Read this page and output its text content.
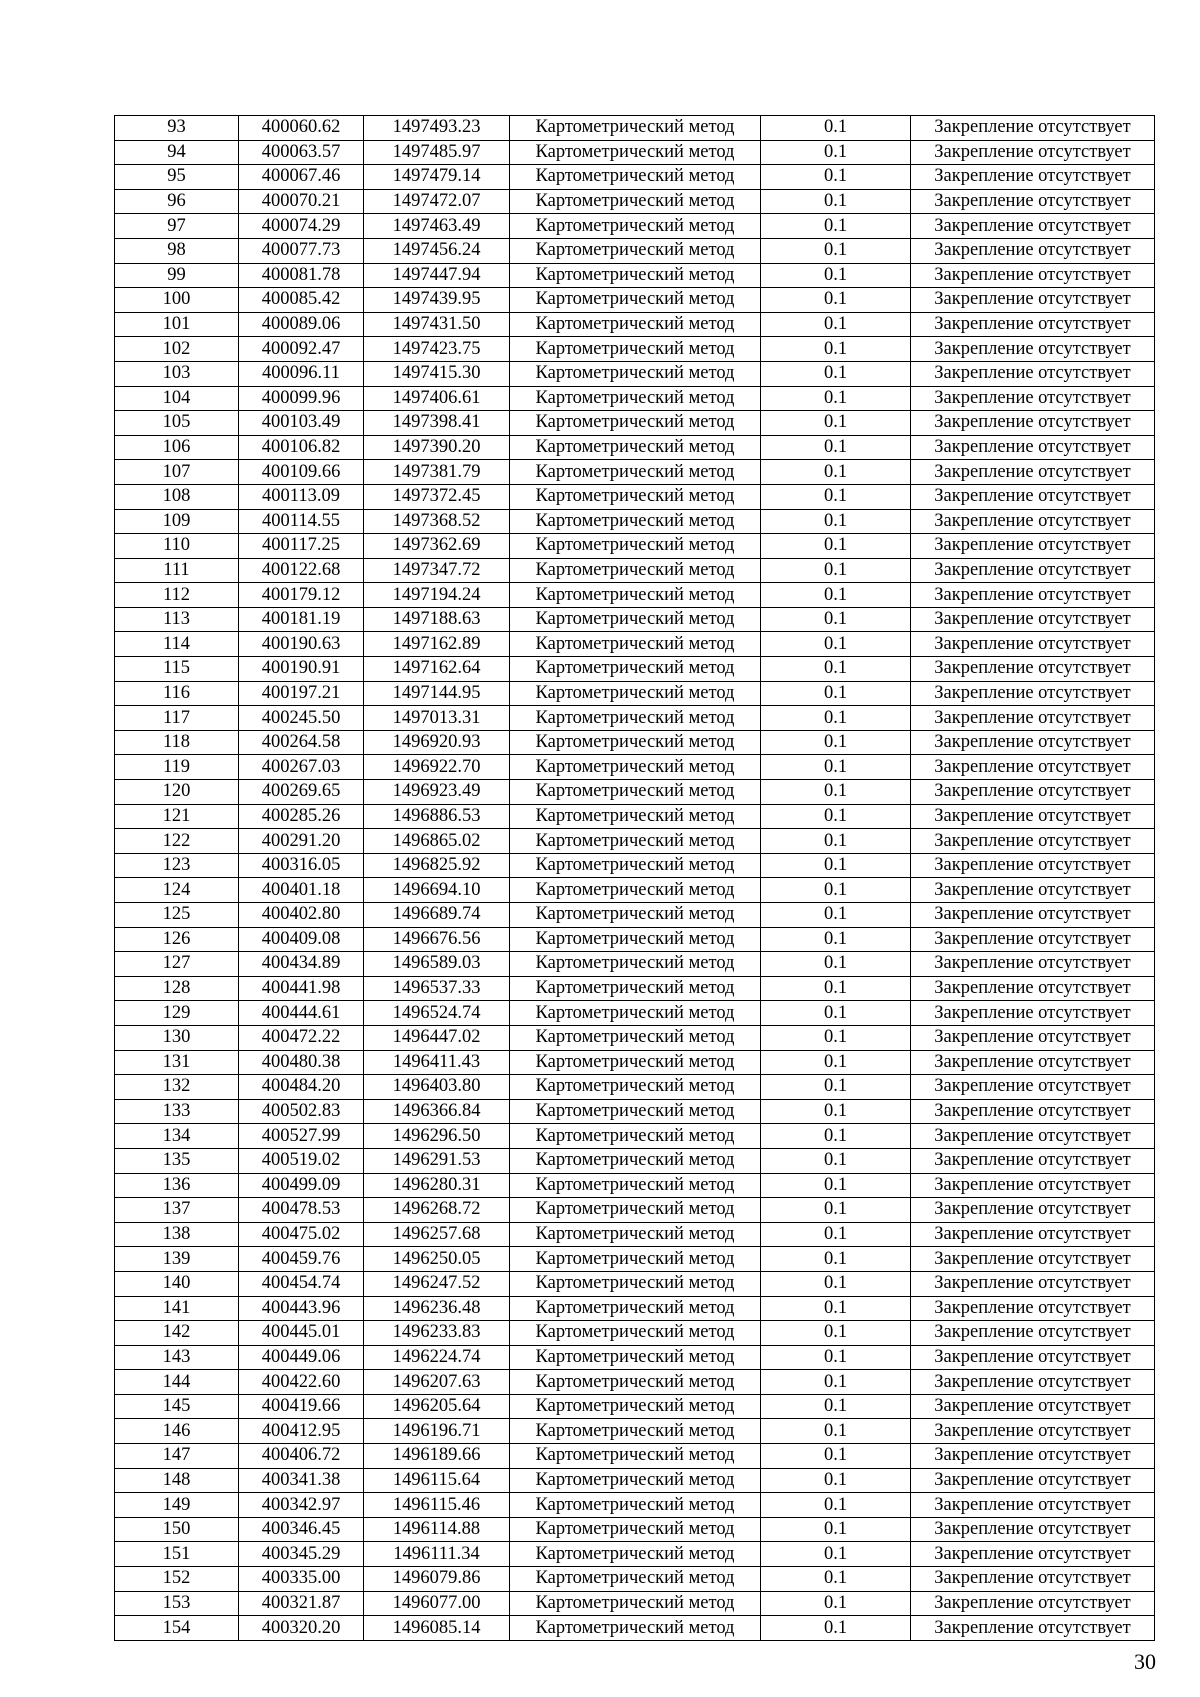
93	400060.62	1497493.23	Картометрический метод	0.1	Закрепление отсутствует
94	400063.57	1497485.97	Картометрический метод	0.1	Закрепление отсутствует
95	400067.46	1497479.14	Картометрический метод	0.1	Закрепление отсутствует
96	400070.21	1497472.07	Картометрический метод	0.1	Закрепление отсутствует
97	400074.29	1497463.49	Картометрический метод	0.1	Закрепление отсутствует
98	400077.73	1497456.24	Картометрический метод	0.1	Закрепление отсутствует
99	400081.78	1497447.94	Картометрический метод	0.1	Закрепление отсутствует
100	400085.42	1497439.95	Картометрический метод	0.1	Закрепление отсутствует
101	400089.06	1497431.50	Картометрический метод	0.1	Закрепление отсутствует
102	400092.47	1497423.75	Картометрический метод	0.1	Закрепление отсутствует
103	400096.11	1497415.30	Картометрический метод	0.1	Закрепление отсутствует
104	400099.96	1497406.61	Картометрический метод	0.1	Закрепление отсутствует
105	400103.49	1497398.41	Картометрический метод	0.1	Закрепление отсутствует
106	400106.82	1497390.20	Картометрический метод	0.1	Закрепление отсутствует
107	400109.66	1497381.79	Картометрический метод	0.1	Закрепление отсутствует
108	400113.09	1497372.45	Картометрический метод	0.1	Закрепление отсутствует
109	400114.55	1497368.52	Картометрический метод	0.1	Закрепление отсутствует
110	400117.25	1497362.69	Картометрический метод	0.1	Закрепление отсутствует
111	400122.68	1497347.72	Картометрический метод	0.1	Закрепление отсутствует
112	400179.12	1497194.24	Картометрический метод	0.1	Закрепление отсутствует
113	400181.19	1497188.63	Картометрический метод	0.1	Закрепление отсутствует
114	400190.63	1497162.89	Картометрический метод	0.1	Закрепление отсутствует
115	400190.91	1497162.64	Картометрический метод	0.1	Закрепление отсутствует
116	400197.21	1497144.95	Картометрический метод	0.1	Закрепление отсутствует
117	400245.50	1497013.31	Картометрический метод	0.1	Закрепление отсутствует
118	400264.58	1496920.93	Картометрический метод	0.1	Закрепление отсутствует
119	400267.03	1496922.70	Картометрический метод	0.1	Закрепление отсутствует
120	400269.65	1496923.49	Картометрический метод	0.1	Закрепление отсутствует
121	400285.26	1496886.53	Картометрический метод	0.1	Закрепление отсутствует
122	400291.20	1496865.02	Картометрический метод	0.1	Закрепление отсутствует
123	400316.05	1496825.92	Картометрический метод	0.1	Закрепление отсутствует
124	400401.18	1496694.10	Картометрический метод	0.1	Закрепление отсутствует
125	400402.80	1496689.74	Картометрический метод	0.1	Закрепление отсутствует
126	400409.08	1496676.56	Картометрический метод	0.1	Закрепление отсутствует
127	400434.89	1496589.03	Картометрический метод	0.1	Закрепление отсутствует
128	400441.98	1496537.33	Картометрический метод	0.1	Закрепление отсутствует
129	400444.61	1496524.74	Картометрический метод	0.1	Закрепление отсутствует
130	400472.22	1496447.02	Картометрический метод	0.1	Закрепление отсутствует
131	400480.38	1496411.43	Картометрический метод	0.1	Закрепление отсутствует
132	400484.20	1496403.80	Картометрический метод	0.1	Закрепление отсутствует
133	400502.83	1496366.84	Картометрический метод	0.1	Закрепление отсутствует
134	400527.99	1496296.50	Картометрический метод	0.1	Закрепление отсутствует
135	400519.02	1496291.53	Картометрический метод	0.1	Закрепление отсутствует
136	400499.09	1496280.31	Картометрический метод	0.1	Закрепление отсутствует
137	400478.53	1496268.72	Картометрический метод	0.1	Закрепление отсутствует
138	400475.02	1496257.68	Картометрический метод	0.1	Закрепление отсутствует
139	400459.76	1496250.05	Картометрический метод	0.1	Закрепление отсутствует
140	400454.74	1496247.52	Картометрический метод	0.1	Закрепление отсутствует
141	400443.96	1496236.48	Картометрический метод	0.1	Закрепление отсутствует
142	400445.01	1496233.83	Картометрический метод	0.1	Закрепление отсутствует
143	400449.06	1496224.74	Картометрический метод	0.1	Закрепление отсутствует
144	400422.60	1496207.63	Картометрический метод	0.1	Закрепление отсутствует
145	400419.66	1496205.64	Картометрический метод	0.1	Закрепление отсутствует
146	400412.95	1496196.71	Картометрический метод	0.1	Закрепление отсутствует
147	400406.72	1496189.66	Картометрический метод	0.1	Закрепление отсутствует
148	400341.38	1496115.64	Картометрический метод	0.1	Закрепление отсутствует
149	400342.97	1496115.46	Картометрический метод	0.1	Закрепление отсутствует
150	400346.45	1496114.88	Картометрический метод	0.1	Закрепление отсутствует
151	400345.29	1496111.34	Картометрический метод	0.1	Закрепление отсутствует
152	400335.00	1496079.86	Картометрический метод	0.1	Закрепление отсутствует
153	400321.87	1496077.00	Картометрический метод	0.1	Закрепление отсутствует
154	400320.20	1496085.14	Картометрический метод	0.1	Закрепление отсутствует
30
